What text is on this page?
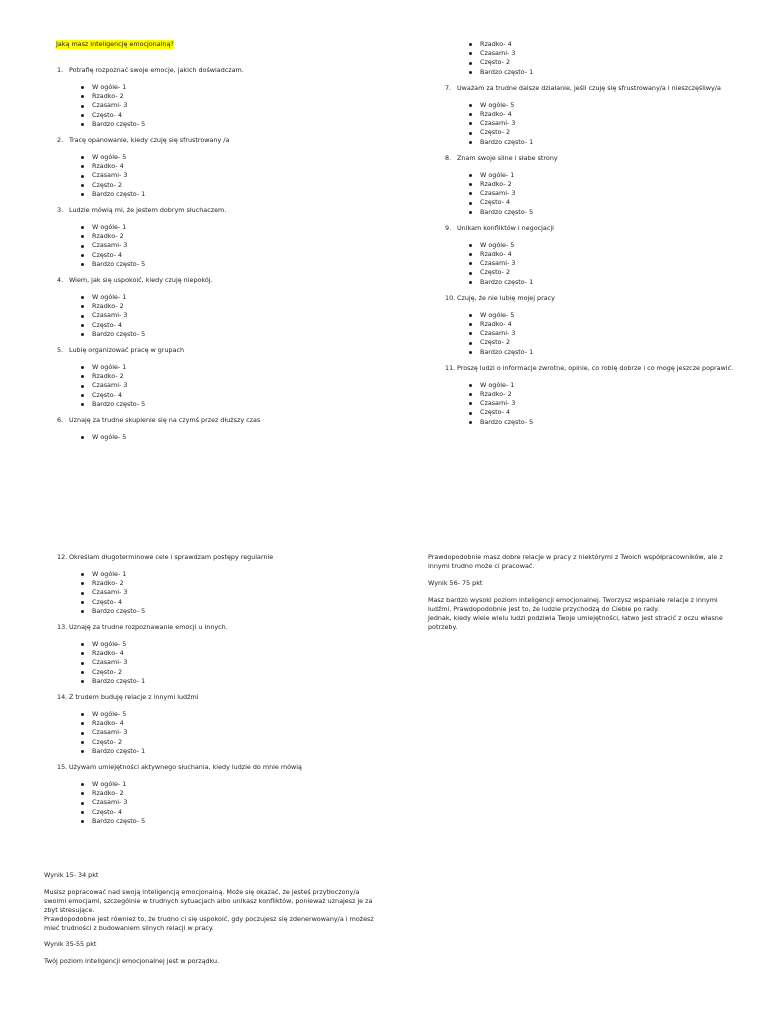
Jaką masz inteligencję emocjonalną?
1. Potrafię rozpoznać swoje emocje, jakich doświadczam.
W ogóle- 1
Rzadko- 2
Czasami- 3
Często- 4
Bardzo często- 5
2. Tracę opanowanie, kiedy czuję się sfrustrowany /a
W ogóle- 5
Rzadko- 4
Czasami- 3
Często- 2
Bardzo często- 1
3. Ludzie mówią mi, że jestem dobrym słuchaczem.
W ogóle- 1
Rzadko- 2
Czasami- 3
Często- 4
Bardzo często- 5
4. Wiem, jak się uspokoić, kiedy czuję niepokój.
W ogóle- 1
Rzadko- 2
Czasami- 3
Często- 4
Bardzo często- 5
5. Lubię organizować pracę w grupach
W ogóle- 1
Rzadko- 2
Czasami- 3
Często- 4
Bardzo często- 5
6. Uznaję za trudne skupienie się na czymś przez dłuższy czas
W ogóle- 5
Rzadko- 4
Czasami- 3
Często- 2
Bardzo często- 1
7. Uważam za trudne dalsze działanie, jeśli czuję się sfrustrowany/a i nieszczęśliwy/a
W ogóle- 5
Rzadko- 4
Czasami- 3
Często- 2
Bardzo często- 1
8. Znam swoje silne i słabe strony
W ogóle- 1
Rzadko- 2
Czasami- 3
Często- 4
Bardzo często- 5
9. Unikam konfliktów i negocjacji
W ogóle- 5
Rzadko- 4
Czasami- 3
Często- 2
Bardzo często- 1
10. Czuję, że nie lubię mojej pracy
W ogóle- 5
Rzadko- 4
Czasami- 3
Często- 2
Bardzo często- 1
11. Proszę ludzi o informacje zwrotne, opinie, co robię dobrze i co mogę jeszcze poprawić.
W ogóle- 1
Rzadko- 2
Czasami- 3
Często- 4
Bardzo często- 5
12. Określam długoterminowe cele i sprawdzam postępy regularnie
W ogóle- 1
Rzadko- 2
Czasami- 3
Często- 4
Bardzo często- 5
13. Uznaję za trudne rozpoznawanie emocji u innych.
W ogóle- 5
Rzadko- 4
Czasami- 3
Często- 2
Bardzo często- 1
14. Z trudem buduję relacje z innymi ludźmi
W ogóle- 5
Rzadko- 4
Czasami- 3
Często- 2
Bardzo często- 1
15. Używam umiejętności aktywnego słuchania, kiedy ludzie do mnie mówią
W ogóle- 1
Rzadko- 2
Czasami- 3
Często- 4
Bardzo często- 5

Prawdopodobnie masz dobre relacje w pracy z niektórymi z Twoich współpracowników, ale z innymi trudno może ci pracować.

Wynik 56- 75 pkt

Masz bardzo wysoki poziom inteligencji emocjonalnej. Tworzysz wspaniałe relacje z innymi ludźmi. Prawdopodobnie jest to, że ludzie przychodzą do Ciebie po rady.

Jednak, kiedy wiele wielu ludzi podziwia Twoje umiejętności, łatwo jest stracić z oczu własne potrzeby.

Wynik 15- 34 pkt

Musisz popracować nad swoją inteligencją emocjonalną. Może się okazać, że jesteś przytłoczony/a swoimi emocjami, szczególnie w trudnych sytuacjach albo unikasz konfliktów, ponieważ uznajesz je za zbyt stresujące.

Prawdopodobne jest również to, że trudno ci się uspokoić, gdy poczujesz się zdenerwowany/a i możesz mieć trudności z budowaniem silnych relacji w pracy.

Wynik 35-55 pkt

Twój poziom inteligencji emocjonalnej jest w porządku.
